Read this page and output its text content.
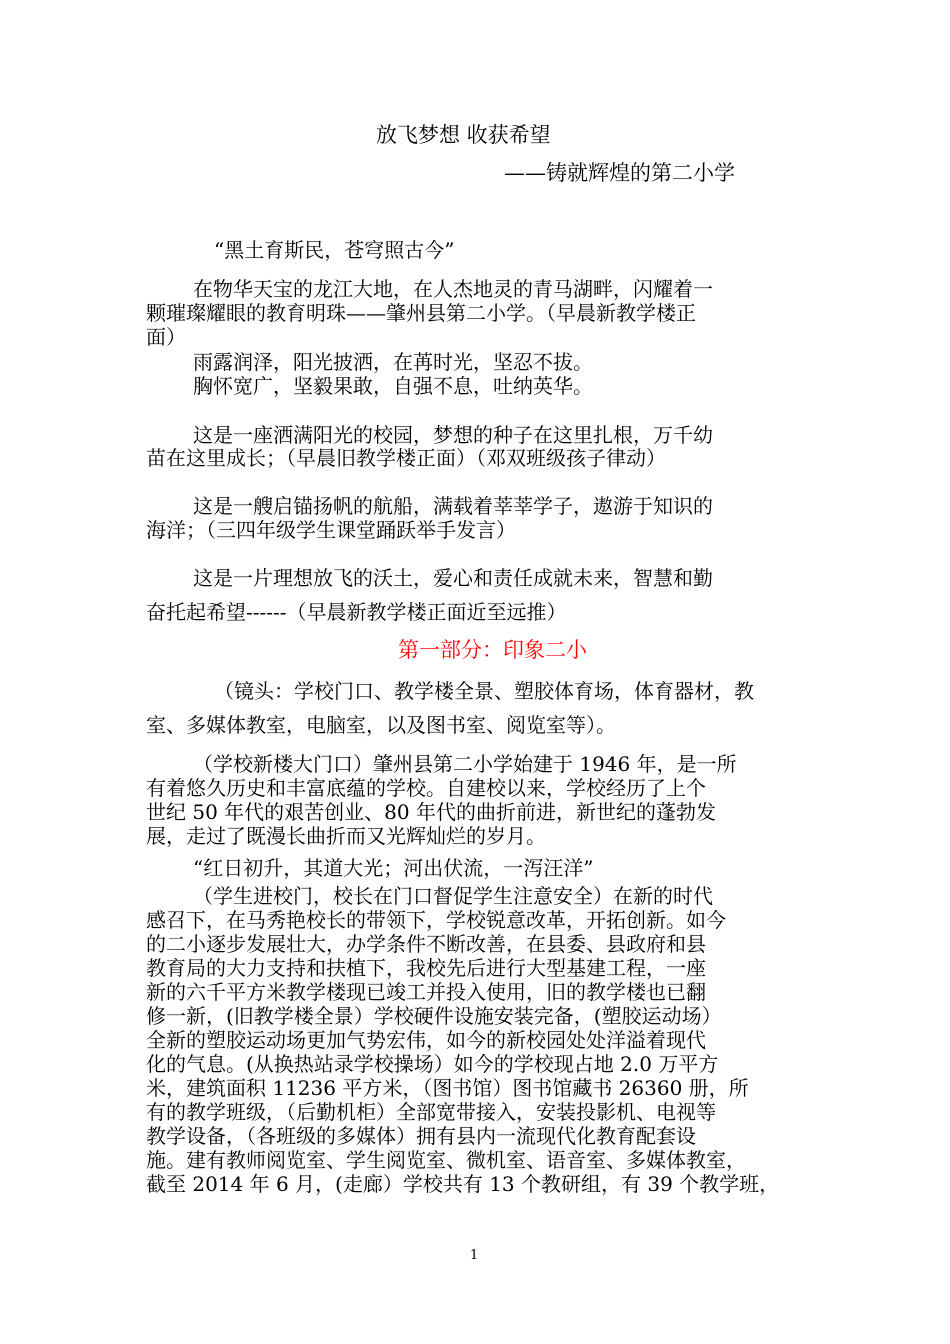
放飞梦想 收获希望
——铸就辉煌的第二小学

“黑土育斯民，苍穹照古今”

在物华天宝的龙江大地，在人杰地灵的青马湖畔，闪耀着一

颗璀璨耀眼的教育明珠——肇州县第二小学。（早晨新教学楼正

面）

雨露润泽，阳光披洒，在苒时光，坚忍不拔。

胸怀宽广，坚毅果敢，自强不息，吐纳英华。

这是一座洒满阳光的校园，梦想的种子在这里扎根，万千幼

苗在这里成长；（早晨旧教学楼正面）（邓双班级孩子律动）

这是一艘启锚扬帆的航船，满载着莘莘学子，遨游于知识的

海洋；（三四年级学生课堂踊跃举手发言）

这是一片理想放飞的沃土，爱心和责任成就未来，智慧和勤

奋托起希望------（早晨新教学楼正面近至远推）

第一部分：印象二小

（镜头：学校门口、教学楼全景、塑胶体育场，体育器材，教

室、多媒体教室，电脑室，以及图书室、阅览室等）。

（学校新楼大门口）肇州县第二小学始建于 1946 年，是一所

有着悠久历史和丰富底蕴的学校。自建校以来，学校经历了上个

世纪 50 年代的艰苦创业、80 年代的曲折前进，新世纪的蓬勃发

展，走过了既漫长曲折而又光辉灿烂的岁月。

“红日初升，其道大光；河出伏流，一泻汪洋”

（学生进校门，校长在门口督促学生注意安全）在新的时代

感召下，在马秀艳校长的带领下，学校锐意改革，开拓创新。如今

的二小逐步发展壮大，办学条件不断改善，在县委、县政府和县

教育局的大力支持和扶植下，我校先后进行大型基建工程，一座

新的六千平方米教学楼现已竣工并投入使用，旧的教学楼也已翻

修一新，(旧教学楼全景）学校硬件设施安装完备，(塑胶运动场）

全新的塑胶运动场更加气势宏伟，如今的新校园处处洋溢着现代

化的气息。(从换热站录学校操场）如今的学校现占地 2.0 万平方

米，建筑面积 11236 平方米，（图书馆）图书馆藏书 26360 册，所

有的教学班级，（后勤机柜）全部宽带接入，安装投影机、电视等

教学设备，（各班级的多媒体）拥有县内一流现代化教育配套设

施。建有教师阅览室、学生阅览室、微机室、语音室、多媒体教室，

截至 2014 年 6 月，(走廊）学校共有 13 个教研组，有 39 个教学班，

1
